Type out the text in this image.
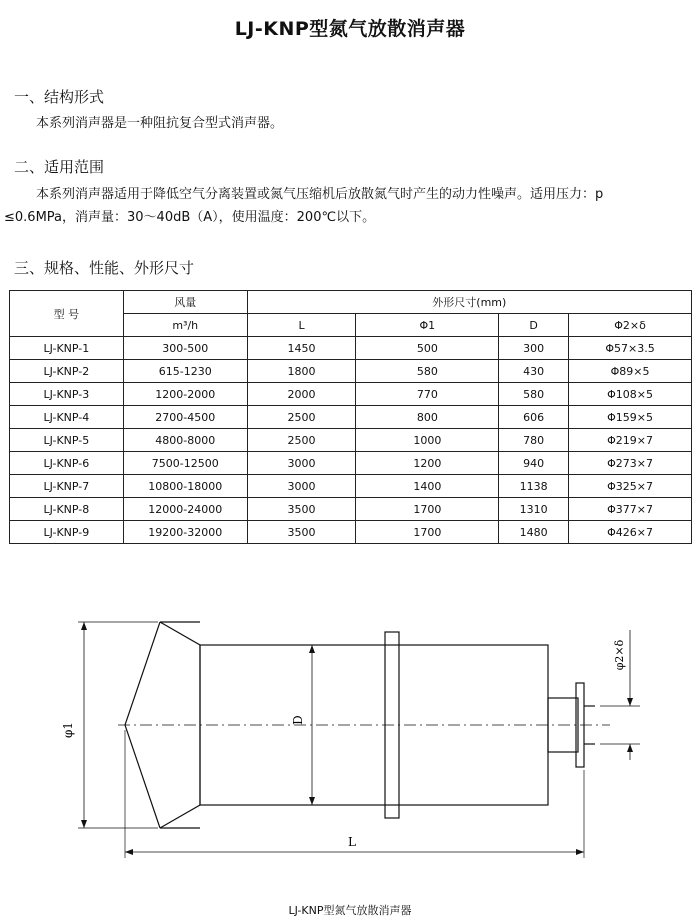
LJ-KNP型氮气放散消声器
一、结构形式
本系列消声器是一种阻抗复合型式消声器。
二、适用范围
本系列消声器适用于降低空气分离装置或氮气压缩机后放散氮气时产生的动力性噪声。适用压力：p
≤0.6MPa，消声量：30～40dB（A），使用温度：200℃以下。
三、规格、性能、外形尺寸
型 号	风量	外形尺寸(mm)			
	m³/h	L	Φ1	D	Φ2×δ
LJ-KNP-1	300-500	1450	500	300	Φ57×3.5
LJ-KNP-2	615-1230	1800	580	430	Φ89×5
LJ-KNP-3	1200-2000	2000	770	580	Φ108×5
LJ-KNP-4	2700-4500	2500	800	606	Φ159×5
LJ-KNP-5	4800-8000	2500	1000	780	Φ219×7
LJ-KNP-6	7500-12500	3000	1200	940	Φ273×7
LJ-KNP-7	10800-18000	3000	1400	1138	Φ325×7
LJ-KNP-8	12000-24000	3500	1700	1310	Φ377×7
LJ-KNP-9	19200-32000	3500	1700	1480	Φ426×7
φ1
D
L
φ2×δ
LJ-KNP型氮气放散消声器
